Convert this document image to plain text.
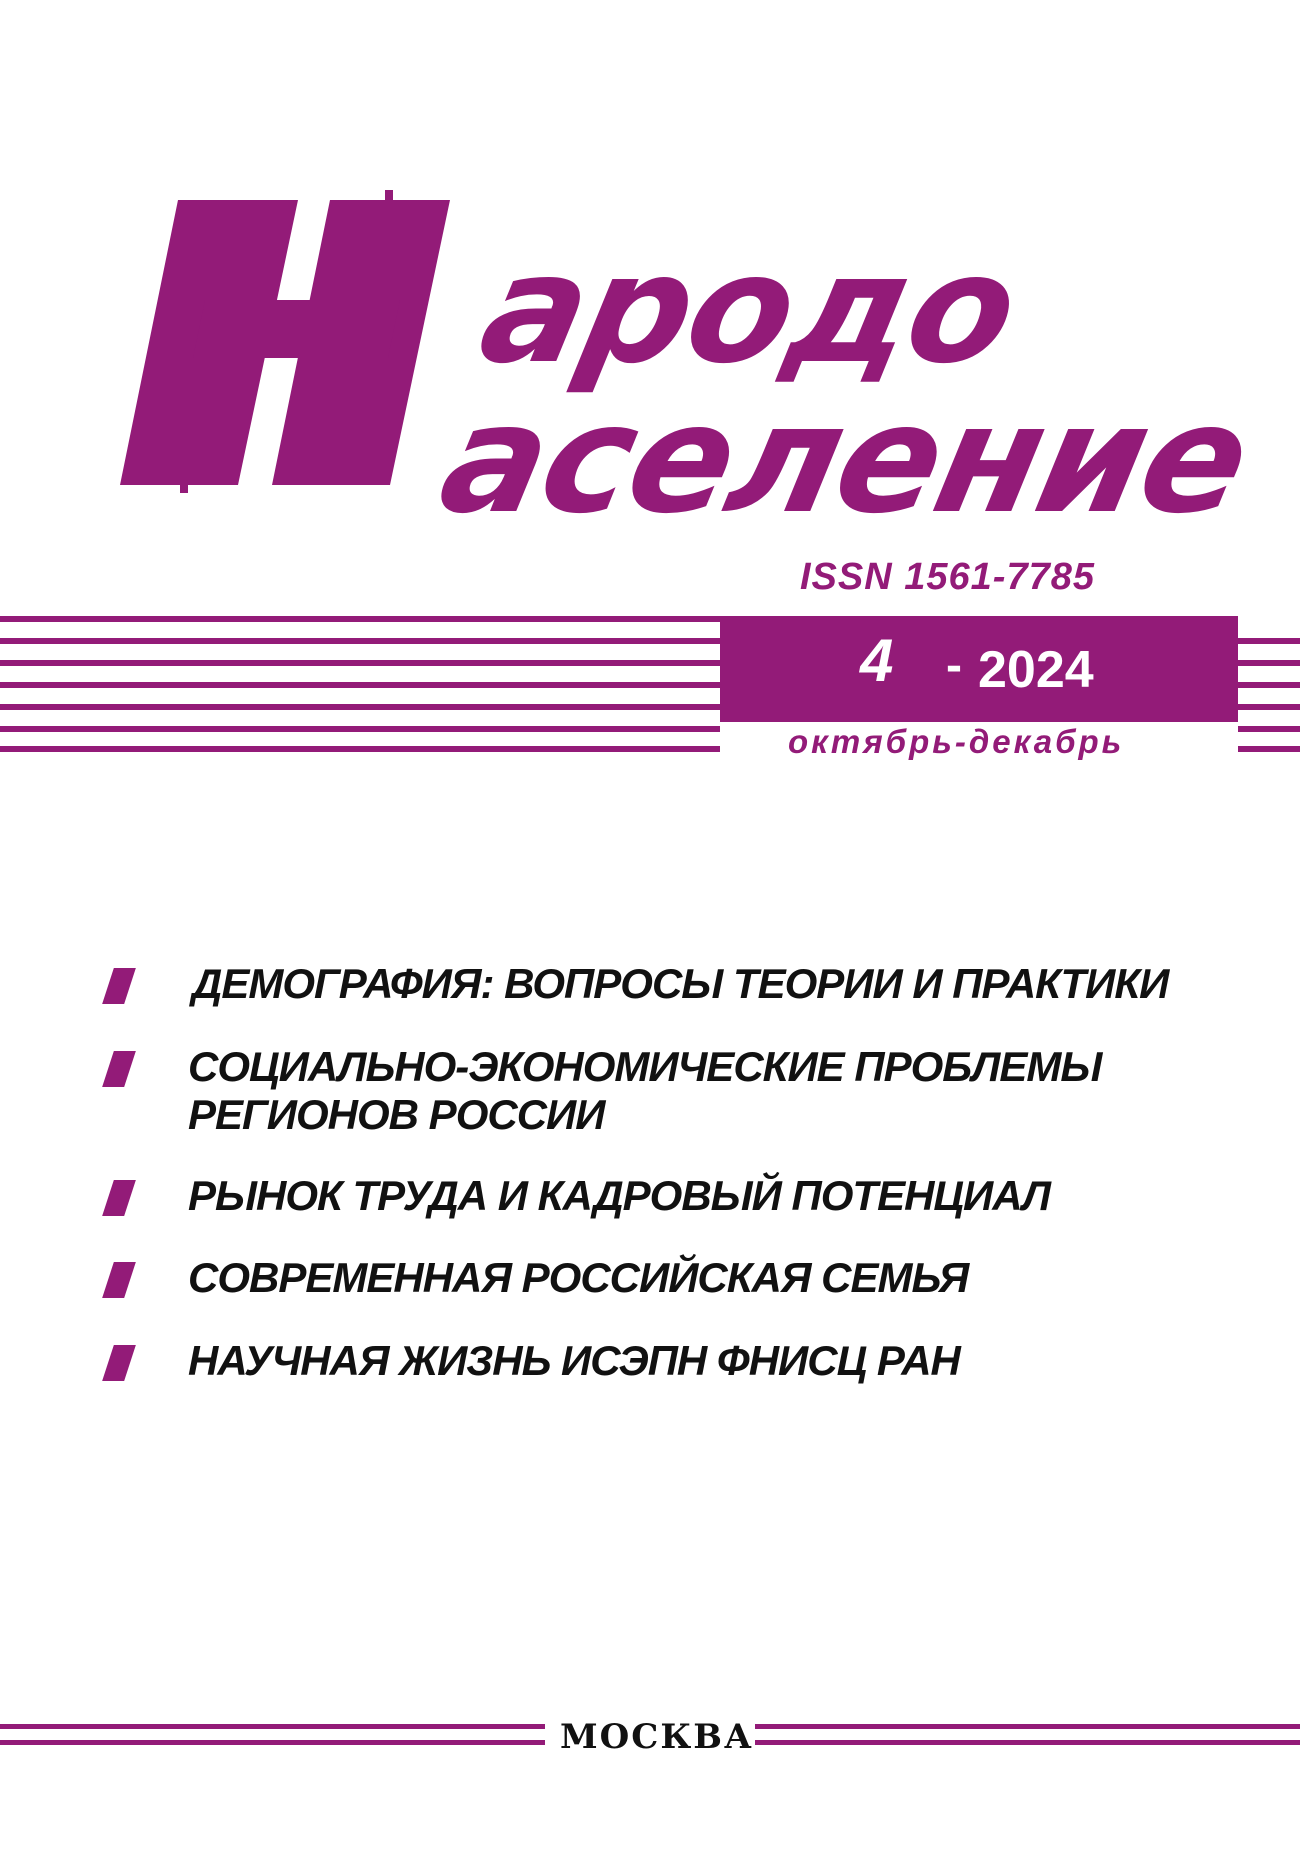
ародо
аселение
ISSN 1561-7785
4 - 2024
октябрь-декабрь
ДЕМОГРАФИЯ: ВОПРОСЫ ТЕОРИИ И ПРАКТИКИ
СОЦИАЛЬНО-ЭКОНОМИЧЕСКИЕ ПРОБЛЕМЫ
РЕГИОНОВ РОССИИ
РЫНОК ТРУДА И КАДРОВЫЙ ПОТЕНЦИАЛ
СОВРЕМЕННАЯ РОССИЙСКАЯ СЕМЬЯ
НАУЧНАЯ ЖИЗНЬ ИСЭПН ФНИСЦ РАН
МОСКВА
